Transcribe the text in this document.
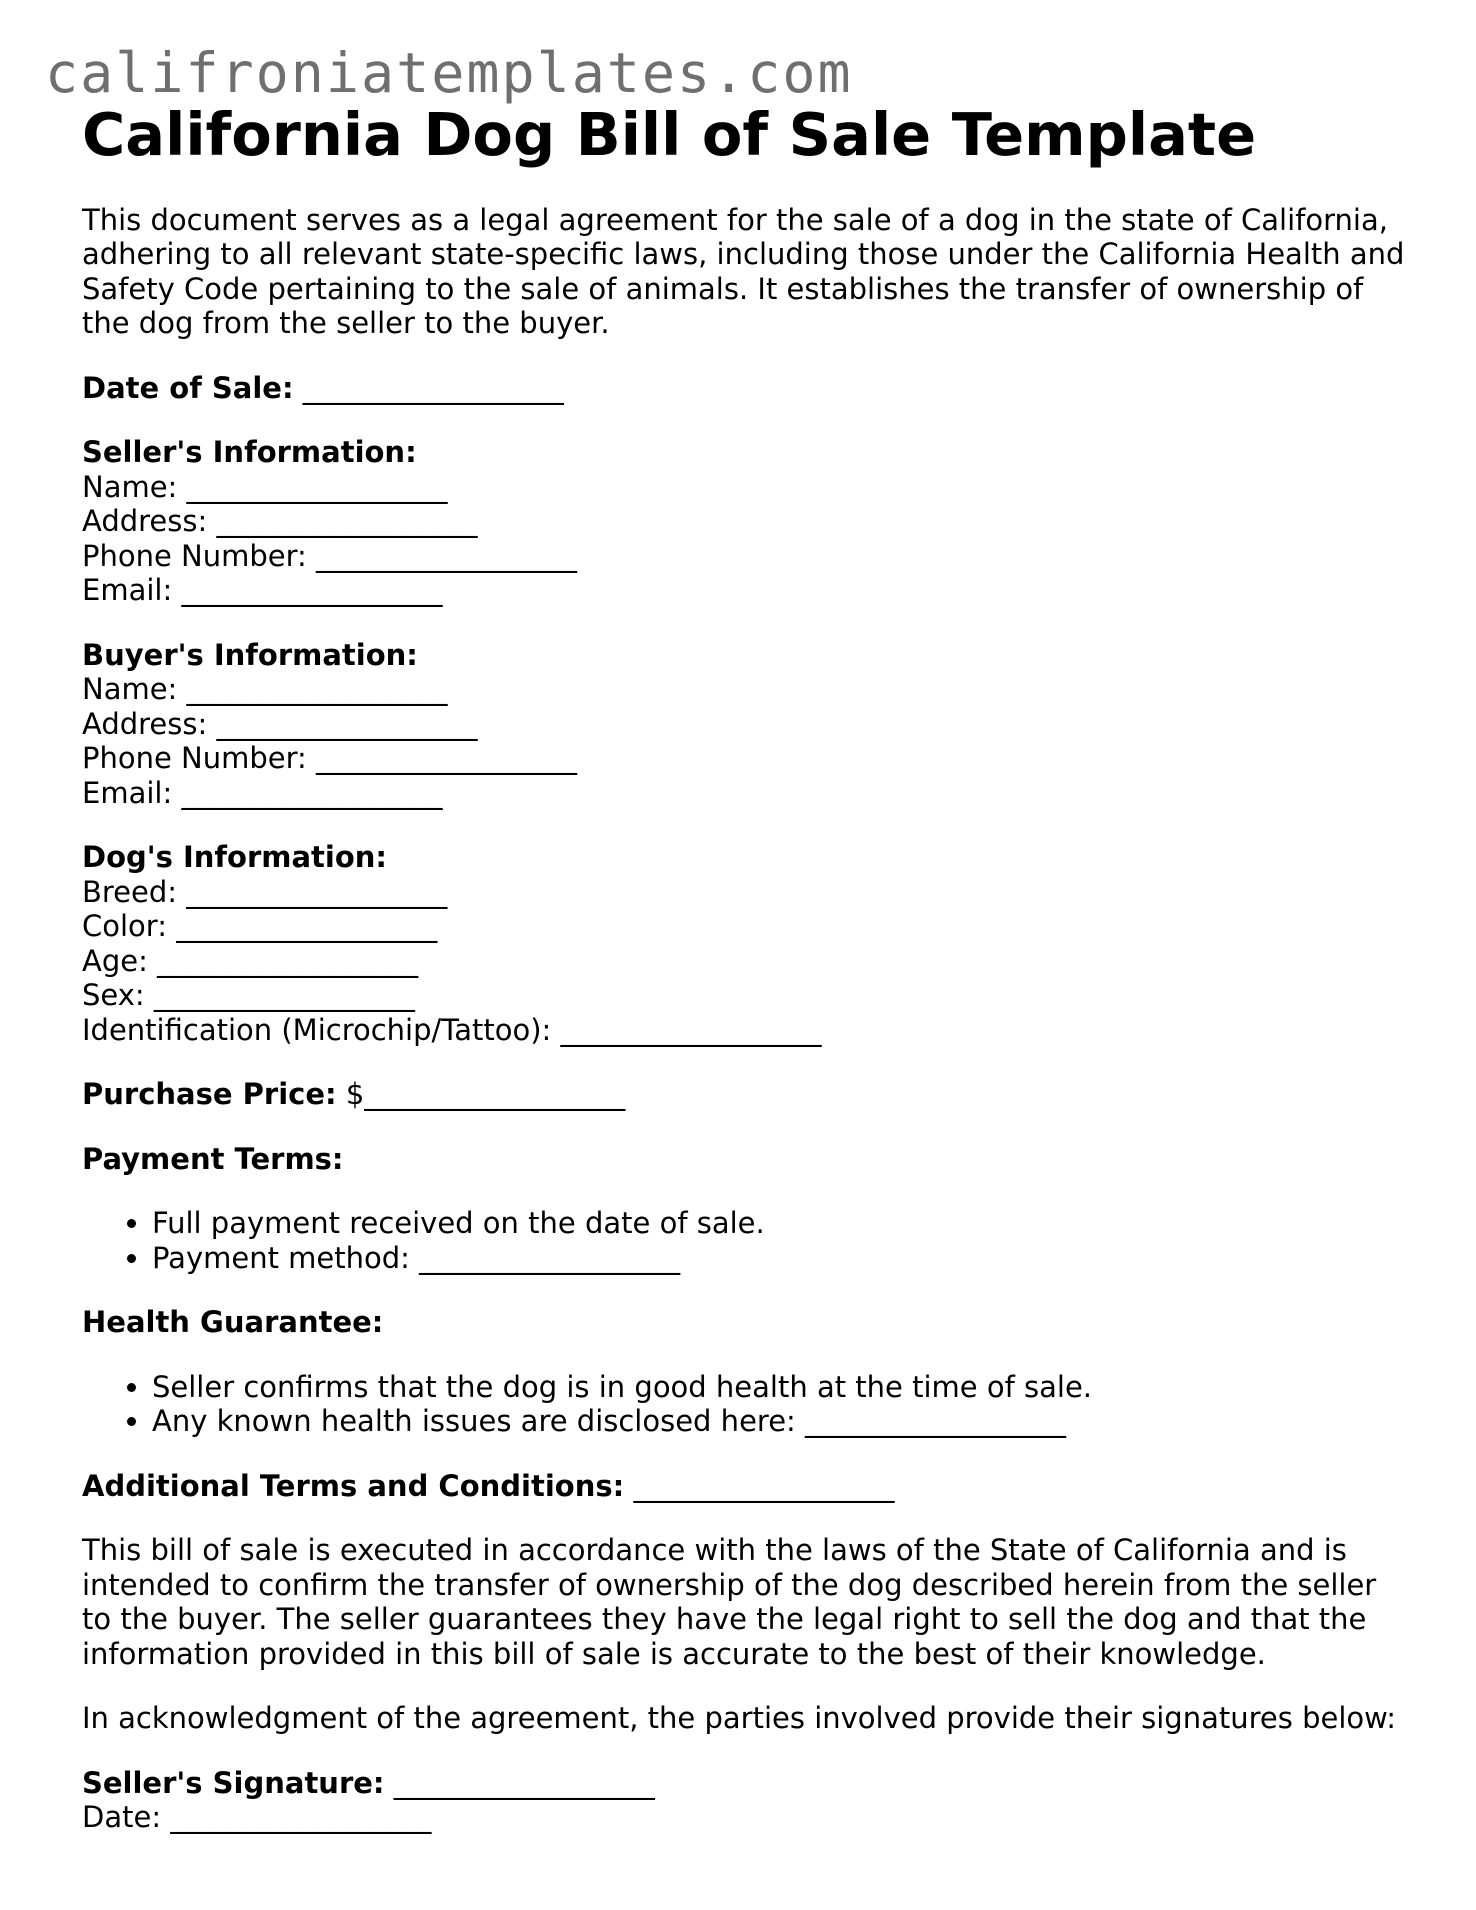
califroniatemplates.com
California Dog Bill of Sale Template

This document serves as a legal agreement for the sale of a dog in the state of California, adhering to all relevant state-specific laws, including those under the California Health and Safety Code pertaining to the sale of animals. It establishes the transfer of ownership of the dog from the seller to the buyer.

Date of Sale: __________________
Seller's Information:
Name: __________________
Address: __________________
Phone Number: __________________
Email: __________________
Buyer's Information:
Name: __________________
Address: __________________
Phone Number: __________________
Email: __________________
Dog's Information:
Breed: __________________
Color: __________________
Age: __________________
Sex: __________________
Identification (Microchip/Tattoo): __________________
Purchase Price: $__________________
Payment Terms:
• Full payment received on the date of sale.
• Payment method: __________________
Health Guarantee:
• Seller confirms that the dog is in good health at the time of sale.
• Any known health issues are disclosed here: __________________
Additional Terms and Conditions: __________________

This bill of sale is executed in accordance with the laws of the State of California and is intended to confirm the transfer of ownership of the dog described herein from the seller to the buyer. The seller guarantees they have the legal right to sell the dog and that the information provided in this bill of sale is accurate to the best of their knowledge.

In acknowledgment of the agreement, the parties involved provide their signatures below:

Seller's Signature: __________________
Date: __________________
